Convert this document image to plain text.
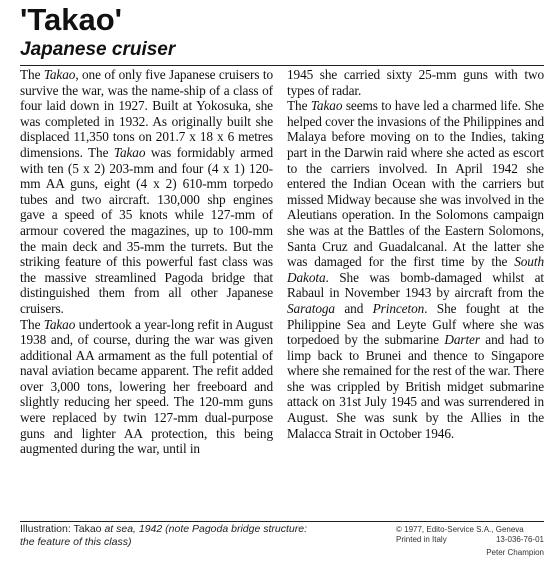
'Takao'
Japanese cruiser

The Takao, one of only five Japanese cruisers to survive the war, was the name-ship of a class of four laid down in 1927. Built at Yokosuka, she was completed in 1932. As originally built she displaced 11,350 tons on 201.7 x 18 x 6 metres dimensions. The Takao was formidably armed with ten (5 x 2) 203-mm and four (4 x 1) 120-mm AA guns, eight (4 x 2) 610-mm torpedo tubes and two aircraft. 130,000 shp engines gave a speed of 35 knots while 127-mm of armour covered the magazines, up to 100-mm the main deck and 35-mm the turrets. But the striking feature of this powerful fast class was the massive streamlined Pagoda bridge that distinguished them from all other Japanese cruisers.

The Takao undertook a year-long refit in August 1938 and, of course, during the war was given additional AA armament as the full potential of naval aviation became apparent. The refit added over 3,000 tons, lowering her freeboard and slightly reducing her speed. The 120-mm guns were replaced by twin 127-mm dual-purpose guns and lighter AA protection, this being augmented during the war, until in

1945 she carried sixty 25-mm guns with two types of radar.

The Takao seems to have led a charmed life. She helped cover the invasions of the Philippines and Malaya before moving on to the Indies, taking part in the Darwin raid where she acted as escort to the carriers involved. In April 1942 she entered the Indian Ocean with the carriers but missed Midway because she was involved in the Aleutians operation. In the Solomons campaign she was at the Battles of the Eastern Solomons, Santa Cruz and Guadalcanal. At the latter she was damaged for the first time by the South Dakota. She was bomb-damaged whilst at Rabaul in November 1943 by aircraft from the Saratoga and Princeton. She fought at the Philippine Sea and Leyte Gulf where she was torpedoed by the submarine Darter and had to limp back to Brunei and thence to Singapore where she remained for the rest of the war. There she was crippled by British midget submarine attack on 31st July 1945 and was surrendered in August. She was sunk by the Allies in the Malacca Strait in October 1946.

Illustration: Takao at sea, 1942 (note Pagoda bridge structure: the feature of this class)
© 1977, Edito-Service S.A., Geneva
Printed in Italy	13-036-76-01
Peter Champion
